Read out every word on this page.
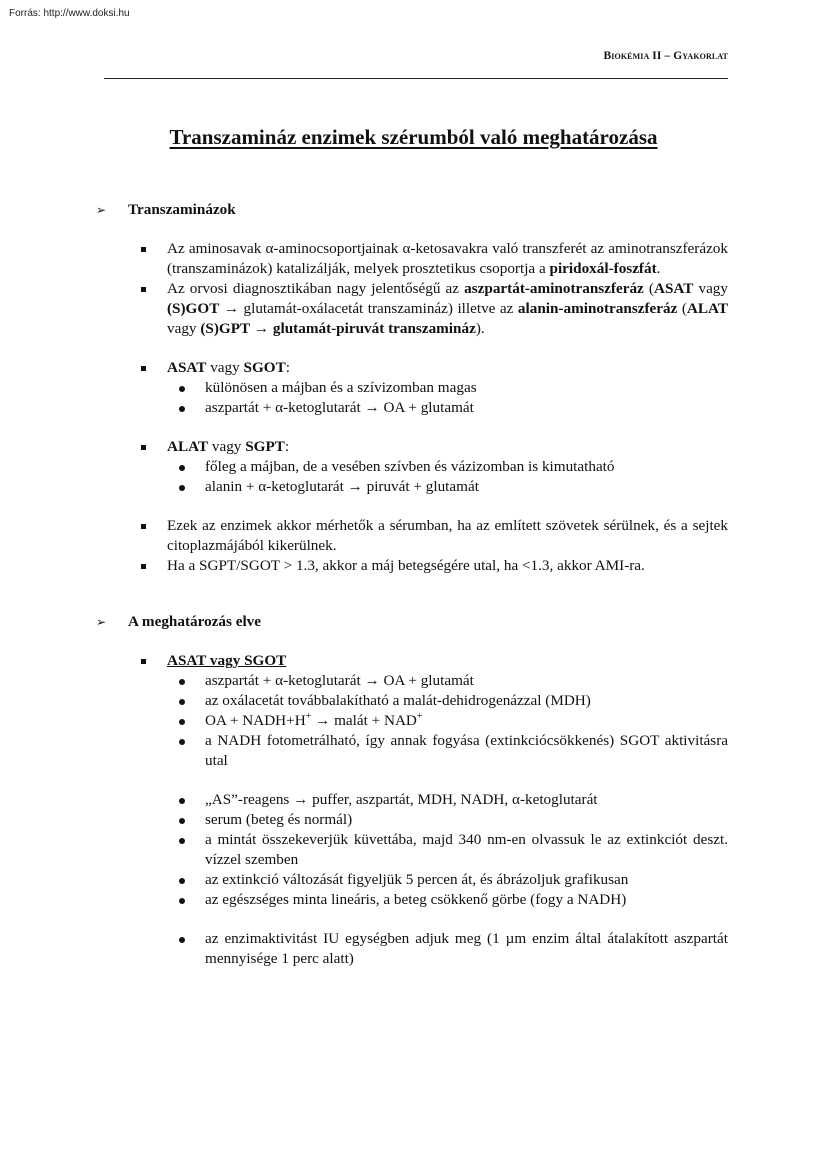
Forrás: http://www.doksi.hu
Biokémia II – Gyakorlat
Transzamináz enzimek szérumból való meghatározása
➢	Transzaminázok
Az aminosavak α-aminocsoportjainak α-ketosavakra való transzferét az aminotranszferázok (transzaminázok) katalizálják, melyek prosztetikus csoportja a piridoxál-foszfát.
Az orvosi diagnosztikában nagy jelentőségű az aszpartát-aminotranszferáz (ASAT vagy (S)GOT → glutamát-oxálacetát transzamináz) illetve az alanin-aminotranszferáz (ALAT vagy (S)GPT → glutamát-piruvát transzamináz).
ASAT vagy SGOT:
különösen a májban és a szívizomban magas
aszpartát + α-ketoglutarát → OA + glutamát
ALAT vagy SGPT:
főleg a májban, de a vesében szívben és vázizomban is kimutatható
alanin + α-ketoglutarát → piruvát + glutamát
Ezek az enzimek akkor mérhetők a sérumban, ha az említett szövetek sérülnek, és a sejtek citoplazmájából kikerülnek.
Ha a SGPT/SGOT > 1.3, akkor a máj betegségére utal, ha <1.3, akkor AMI-ra.
➢	A meghatározás elve
ASAT vagy SGOT
aszpartát + α-ketoglutarát → OA + glutamát
az oxálacetát továbbalakítható a malát-dehidrogenázzal (MDH)
OA + NADH+H+ → malát + NAD+
a NADH fotometrálható, így annak fogyása (extinkciócsökkenés) SGOT aktivitásra utal
„AS”-reagens → puffer, aszpartát, MDH, NADH, α-ketoglutarát
serum (beteg és normál)
a mintát összekeverjük küvettába, majd 340 nm-en olvassuk le az extinkciót deszt. vízzel szemben
az extinkció változását figyeljük 5 percen át, és ábrázoljuk grafikusan
az egészséges minta lineáris, a beteg csökkenő görbe (fogy a NADH)
az enzimaktivitást IU egységben adjuk meg (1 µm enzim által átalakított aszpartát mennyisége 1 perc alatt)
